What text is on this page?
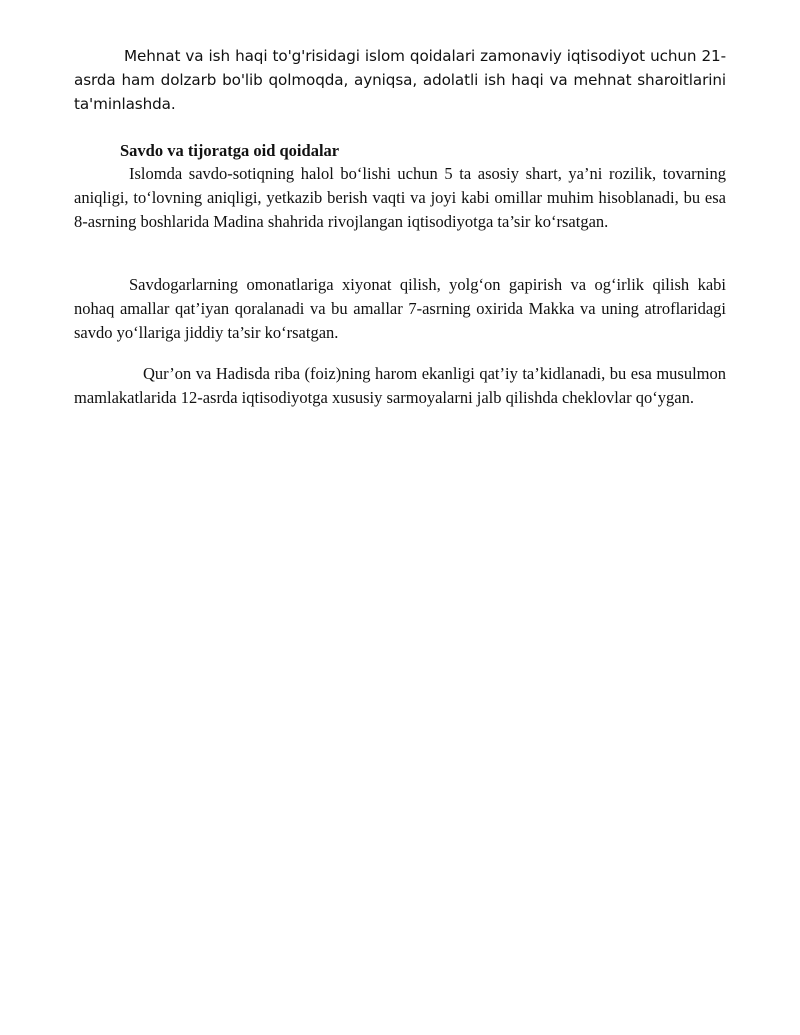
Mehnat va ish haqi to'g'risidagi islom qoidalari zamonaviy iqtisodiyot uchun 21-asrda ham dolzarb bo'lib qolmoqda, ayniqsa, adolatli ish haqi va mehnat sharoitlarini ta'minlashda.

Savdo va tijoratga oid qoidalar

Islomda savdo-sotiqning halol bo‘lishi uchun 5 ta asosiy shart, ya’ni rozilik, tovarning aniqligi, to‘lovning aniqligi, yetkazib berish vaqti va joyi kabi omillar muhim hisoblanadi, bu esa 8-asrning boshlarida Madina shahrida rivojlangan iqtisodiyotga ta’sir ko‘rsatgan.

Savdogarlarning omonatlariga xiyonat qilish, yolg‘on gapirish va og‘irlik qilish kabi nohaq amallar qat’iyan qoralanadi va bu amallar 7-asrning oxirida Makka va uning atroflaridagi savdo yo‘llariga jiddiy ta’sir ko‘rsatgan.

Qur’on va Hadisda riba (foiz)ning harom ekanligi qat’iy ta’kidlanadi, bu esa musulmon mamlakatlarida 12-asrda iqtisodiyotga xususiy sarmoyalarni jalb qilishda cheklovlar qo‘ygan.
